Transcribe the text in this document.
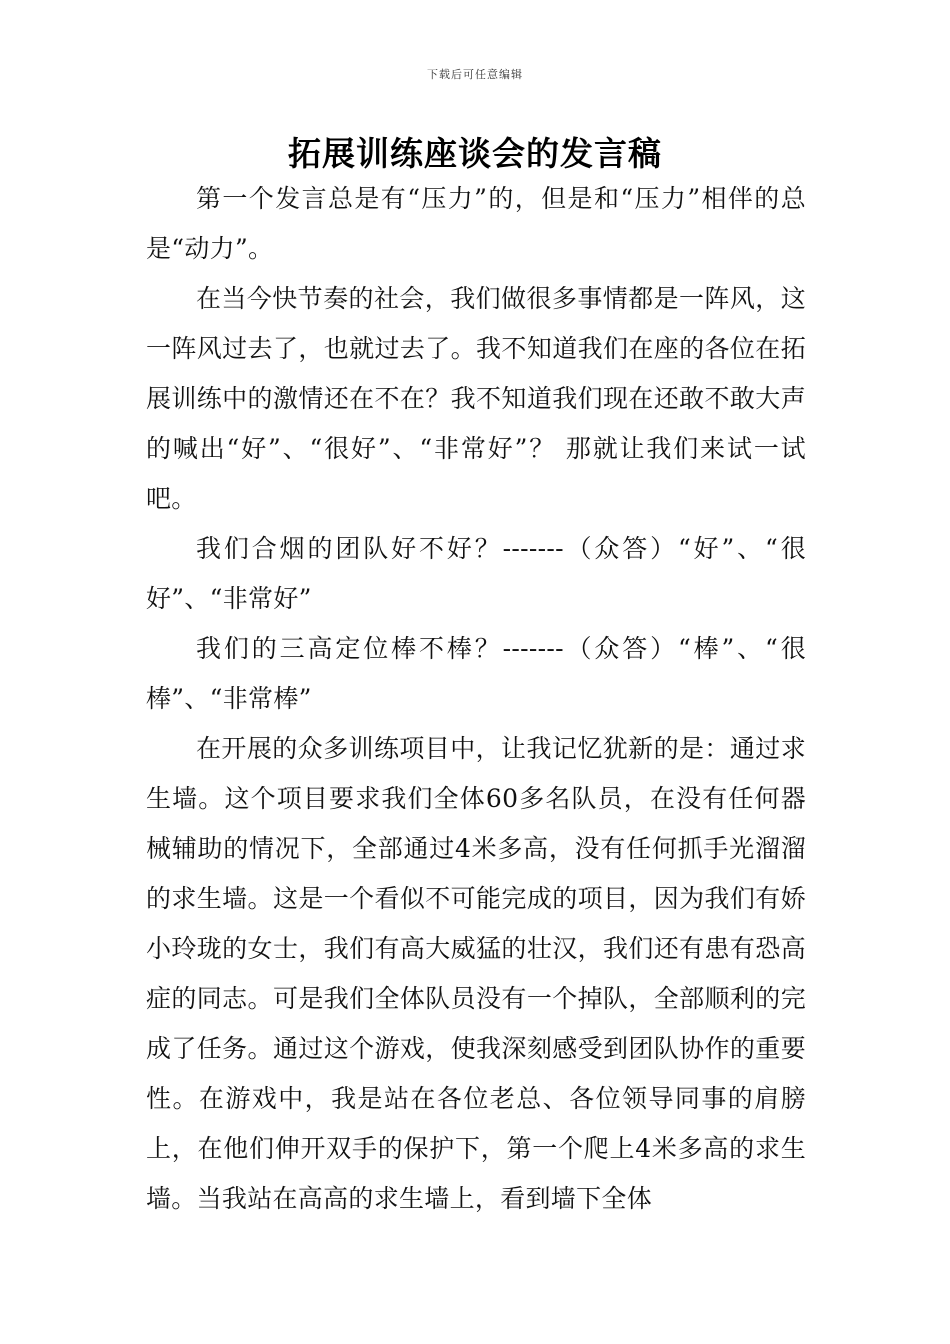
下载后可任意编辑
拓展训练座谈会的发言稿

第一个发言总是有“压力”的，但是和“压力”相伴的总是“动力”。

在当今快节奏的社会，我们做很多事情都是一阵风，这一阵风过去了，也就过去了。我不知道我们在座的各位在拓展训练中的激情还在不在？我不知道我们现在还敢不敢大声的喊出“好”、“很好”、“非常好”？ 那就让我们来试一试吧。

我们合烟的团队好不好？-------（众答）“好”、“很好”、“非常好”

我们的三高定位棒不棒？-------（众答）“棒”、“很棒”、“非常棒”

在开展的众多训练项目中，让我记忆犹新的是：通过求生墙。这个项目要求我们全体60多名队员，在没有任何器械辅助的情况下，全部通过4米多高，没有任何抓手光溜溜的求生墙。这是一个看似不可能完成的项目，因为我们有娇小玲珑的女士，我们有高大威猛的壮汉，我们还有患有恐高症的同志。可是我们全体队员没有一个掉队，全部顺利的完成了任务。通过这个游戏，使我深刻感受到团队协作的重要性。在游戏中，我是站在各位老总、各位领导同事的肩膀上，在他们伸开双手的保护下，第一个爬上4米多高的求生墙。当我站在高高的求生墙上，看到墙下全体
